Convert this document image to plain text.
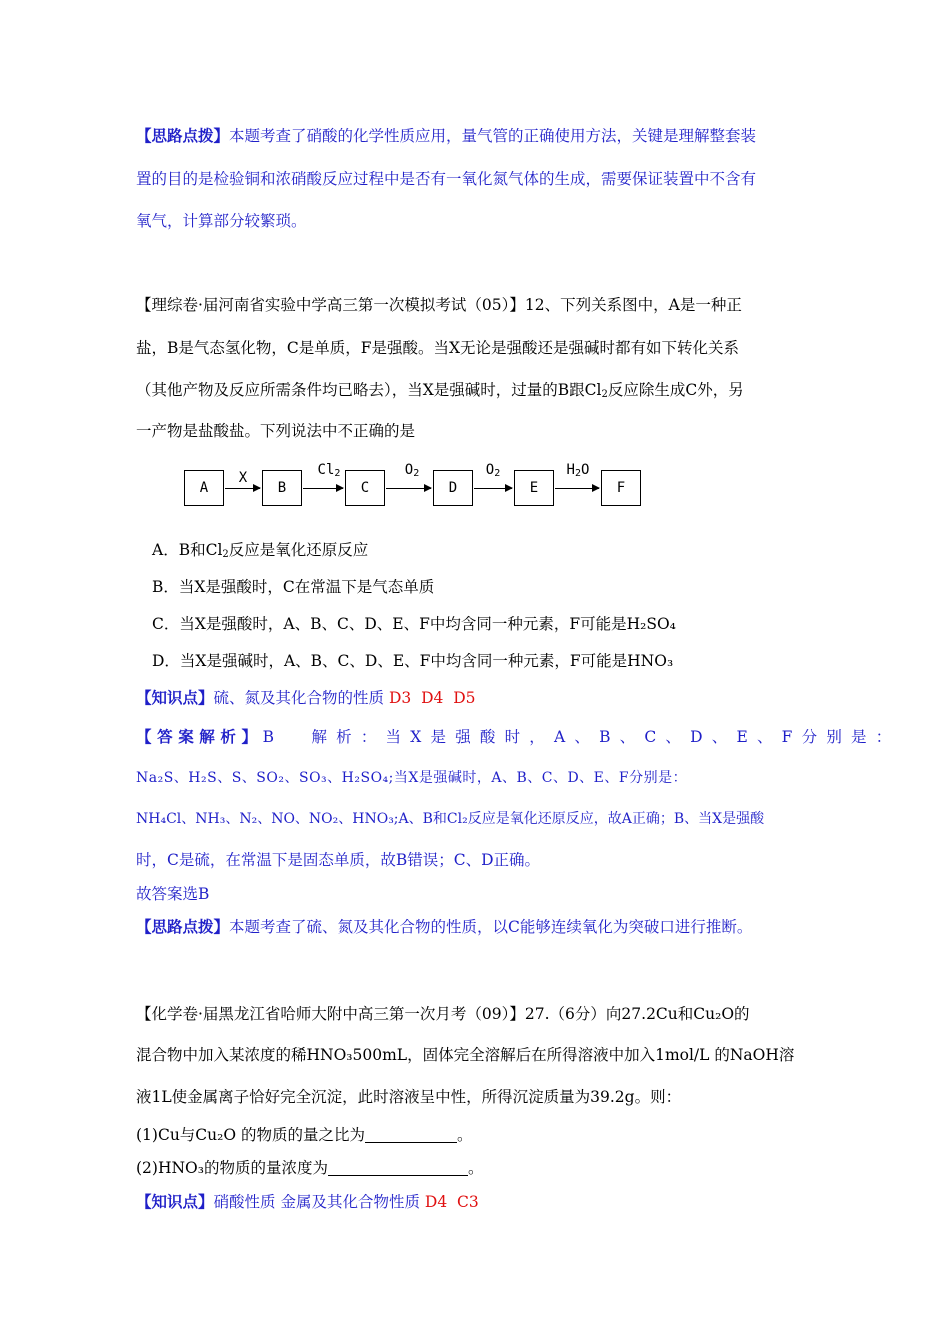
【思路点拨】本题考查了硝酸的化学性质应用，量气管的正确使用方法，关键是理解整套装
置的目的是检验铜和浓硝酸反应过程中是否有一氧化氮气体的生成，需要保证装置中不含有
氧气，计算部分较繁琐。
【理综卷·届河南省实验中学高三第一次模拟考试（05）】12、下列关系图中，A是一种正
盐，B是气态氢化物，C是单质，F是强酸。当X无论是强酸还是强碱时都有如下转化关系
（其他产物及反应所需条件均已略去），当X是强碱时，过量的B跟$Cl_2$反应除生成C外，另
一产物是盐酸盐。下列说法中不正确的是
A	B	C	D	E	F
X	$Cl_2$	$O_2$	$O_2$	$H_2O$
A．B和$Cl_2$反应是氧化还原反应
B．当X是强酸时，C在常温下是气态单质
C．当X是强酸时，A、B、C、D、E、F中均含同一种元素，F可能是H₂SO₄
D．当X是强碱时，A、B、C、D、E、F中均含同一种元素，F可能是HNO₃
【知识点】硫、氮及其化合物的性质 D3  D4  D5
【答案解析】B  解析：当X是强酸时，A、B、C、D、E、F分别是：
Na₂S、H₂S、S、SO₂、SO₃、H₂SO₄;当X是强碱时，A、B、C、D、E、F分别是：
NH₄Cl、NH₃、N₂、NO、NO₂、HNO₃;A、B和Cl₂反应是氧化还原反应，故A正确；B、当X是强酸
时，C是硫，在常温下是固态单质，故B错误；C、D正确。
故答案选B
【思路点拨】本题考查了硫、氮及其化合物的性质，以C能够连续氧化为突破口进行推断。
【化学卷·届黑龙江省哈师大附中高三第一次月考（09）】27.（6分）向27.2Cu和Cu₂O的
混合物中加入某浓度的稀HNO₃500mL，固体完全溶解后在所得溶液中加入1mol/L 的NaOH溶
液1L使金属离子恰好完全沉淀，此时溶液呈中性，所得沉淀质量为39.2g。则：
(1)Cu与Cu₂O 的物质的量之比为	。
(2)HNO₃的物质的量浓度为	。
【知识点】硝酸性质 金属及其化合物性质 D4  C3
